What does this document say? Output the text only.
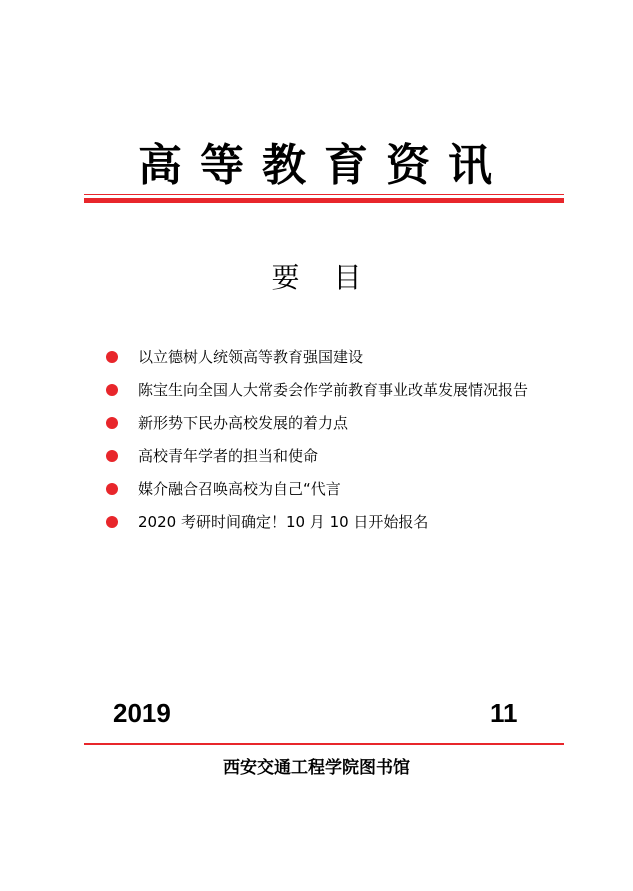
高等教育资讯
要目
以立德树人统领高等教育强国建设
陈宝生向全国人大常委会作学前教育事业改革发展情况报告
新形势下民办高校发展的着力点
高校青年学者的担当和使命
媒介融合召唤高校为自己“代言
2020 考研时间确定！10 月 10 日开始报名
2019	11
西安交通工程学院图书馆
